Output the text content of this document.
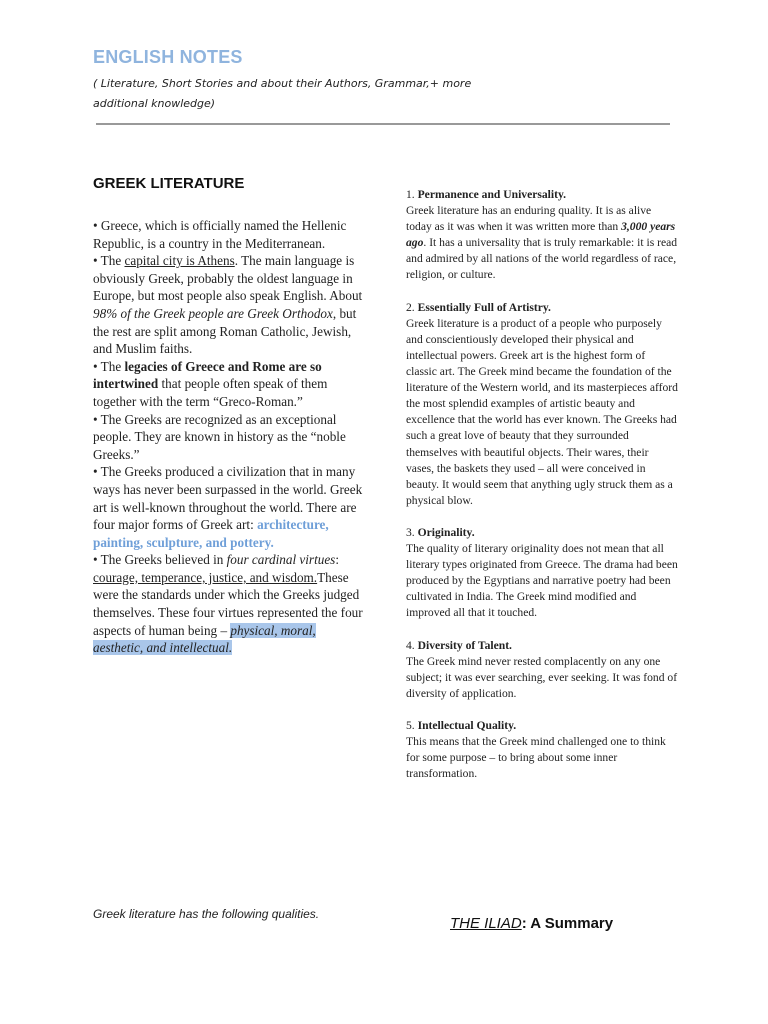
ENGLISH NOTES
( Literature, Short Stories and about their Authors, Grammar,+ more additional knowledge)
GREEK LITERATURE

• Greece, which is officially named the Hellenic Republic, is a country in the Mediterranean.

• The capital city is Athens. The main language is obviously Greek, probably the oldest language in Europe, but most people also speak English. About 98% of the Greek people are Greek Orthodox, but the rest are split among Roman Catholic, Jewish, and Muslim faiths.

• The legacies of Greece and Rome are so intertwined that people often speak of them together with the term “Greco-Roman.”

• The Greeks are recognized as an exceptional people. They are known in history as the “noble Greeks.”

• The Greeks produced a civilization that in many ways has never been surpassed in the world. Greek art is well-known throughout the world. There are four major forms of Greek art: architecture, painting, sculpture, and pottery.

• The Greeks believed in four cardinal virtues: courage, temperance, justice, and wisdom.These were the standards under which the Greeks judged themselves. These four virtues represented the four aspects of human being – physical, moral, aesthetic, and intellectual.

1. Permanence and Universality.

Greek literature has an enduring quality. It is as alive today as it was when it was written more than 3,000 years ago. It has a universality that is truly remarkable: it is read and admired by all nations of the world regardless of race, religion, or culture.

2. Essentially Full of Artistry.

Greek literature is a product of a people who purposely and conscientiously developed their physical and intellectual powers. Greek art is the highest form of classic art. The Greek mind became the foundation of the literature of the Western world, and its masterpieces afford the most splendid examples of artistic beauty and excellence that the world has ever known. The Greeks had such a great love of beauty that they surrounded themselves with beautiful objects. Their wares, their vases, the baskets they used – all were conceived in beauty. It would seem that anything ugly struck them as a physical blow.

3. Originality.

The quality of literary originality does not mean that all literary types originated from Greece. The drama had been produced by the Egyptians and narrative poetry had been cultivated in India. The Greek mind modified and improved all that it touched.

4. Diversity of Talent.

The Greek mind never rested complacently on any one subject; it was ever searching, ever seeking. It was fond of diversity of application.

5. Intellectual Quality.

This means that the Greek mind challenged one to think for some purpose – to bring about some inner transformation.

Greek literature has the following qualities.
THE ILIAD: A Summary
